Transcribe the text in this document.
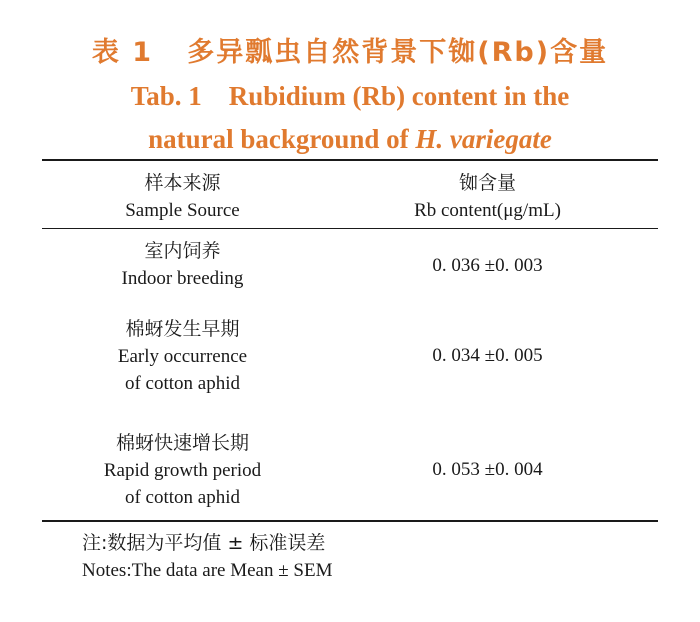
表 1 多异瓢虫自然背景下铷(Rb)含量
Tab. 1 Rubidium (Rb) content in the
natural background of H. variegate
样本来源
Sample Source
铷含量
Rb content(μg/mL)
室内饲养
Indoor breeding
0. 036 ±0. 003
棉蚜发生早期
Early occurrence
of cotton aphid
0. 034 ±0. 005
棉蚜快速增长期
Rapid growth period
of cotton aphid
0. 053 ±0. 004
注:数据为平均值 ± 标准误差
Notes:The data are Mean ± SEM
